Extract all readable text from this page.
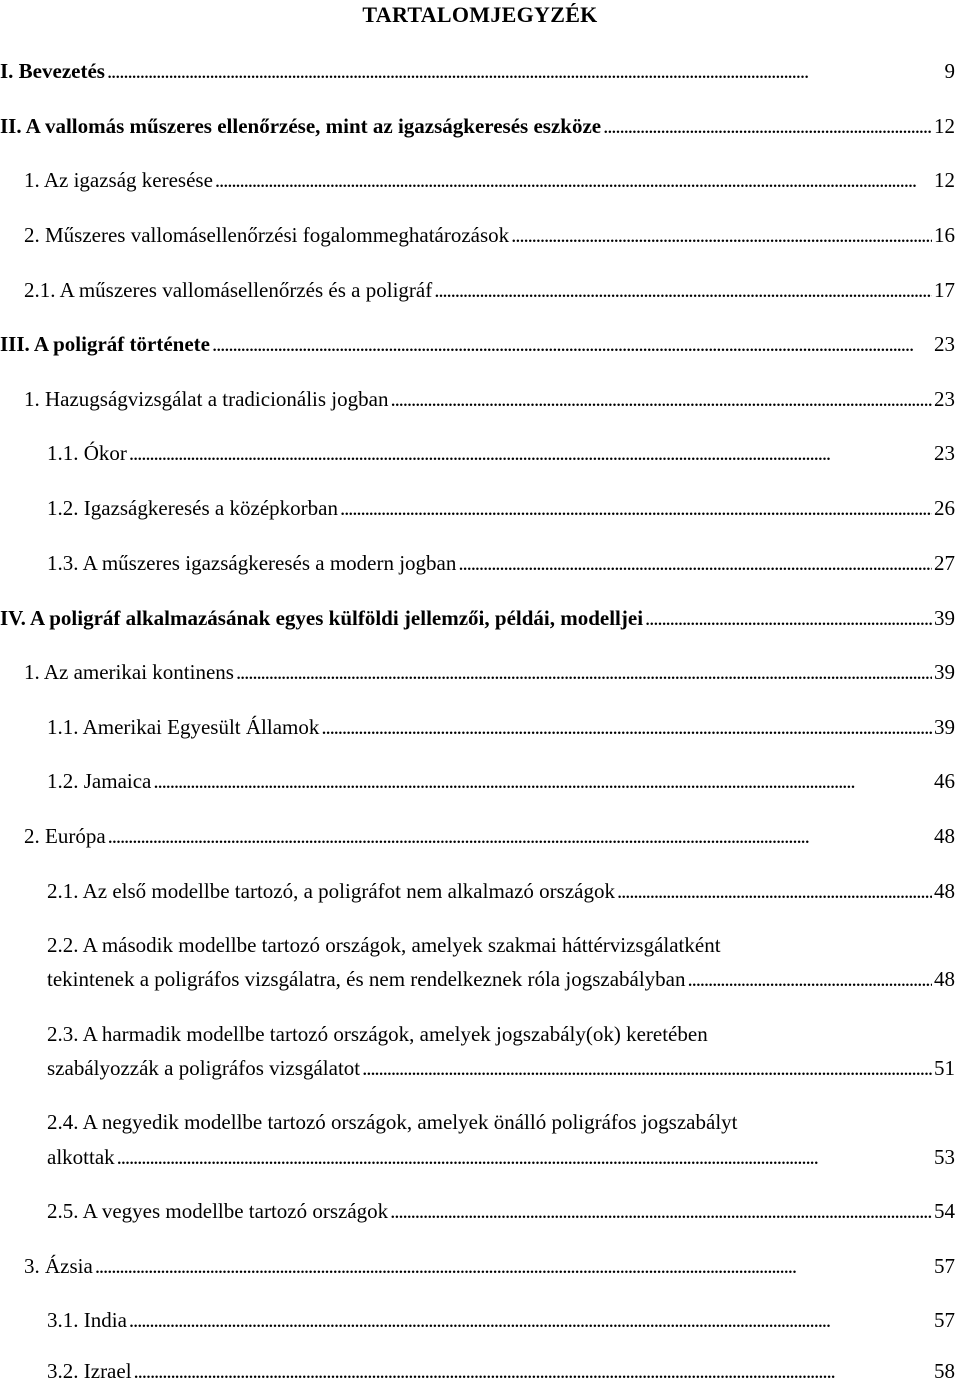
TARTALOMJEGYZÉK
I. Bevezetés . . .	9
II. A vallomás műszeres ellenőrzése, mint az igazságkeresés eszköze . . .	12
1. Az igazság keresése . . .	12
2. Műszeres vallomásellenőrzési fogalommeghatározások . . .	16
2.1. A műszeres vallomásellenőrzés és a poligráf . . .	17
III. A poligráf története . . .	23
1. Hazugságvizsgálat a tradicionális jogban . . .	23
1.1. Ókor . . .	23
1.2. Igazságkeresés a középkorban . . .	26
1.3. A műszeres igazságkeresés a modern jogban . . .	27
IV. A poligráf alkalmazásának egyes külföldi jellemzői, példái, modelljei . . .	39
1. Az amerikai kontinens . . .	39
1.1. Amerikai Egyesült Államok . . .	39
1.2. Jamaica . . .	46
2. Európa . . .	48
2.1. Az első modellbe tartozó, a poligráfot nem alkalmazó országok . . .	48
2.2. A második modellbe tartozó országok, amelyek szakmai háttérvizsgálatként
tekintenek a poligráfos vizsgálatra, és nem rendelkeznek róla jogszabályban . . .	48
2.3. A harmadik modellbe tartozó országok, amelyek jogszabály(ok) keretében
szabályozzák a poligráfos vizsgálatot . . .	51
2.4. A negyedik modellbe tartozó országok, amelyek önálló poligráfos jogszabályt
alkottak . . .	53
2.5. A vegyes modellbe tartozó országok . . .	54
3. Ázsia . . .	57
3.1. India . . .	57
3.2. Izrael . . .	58
